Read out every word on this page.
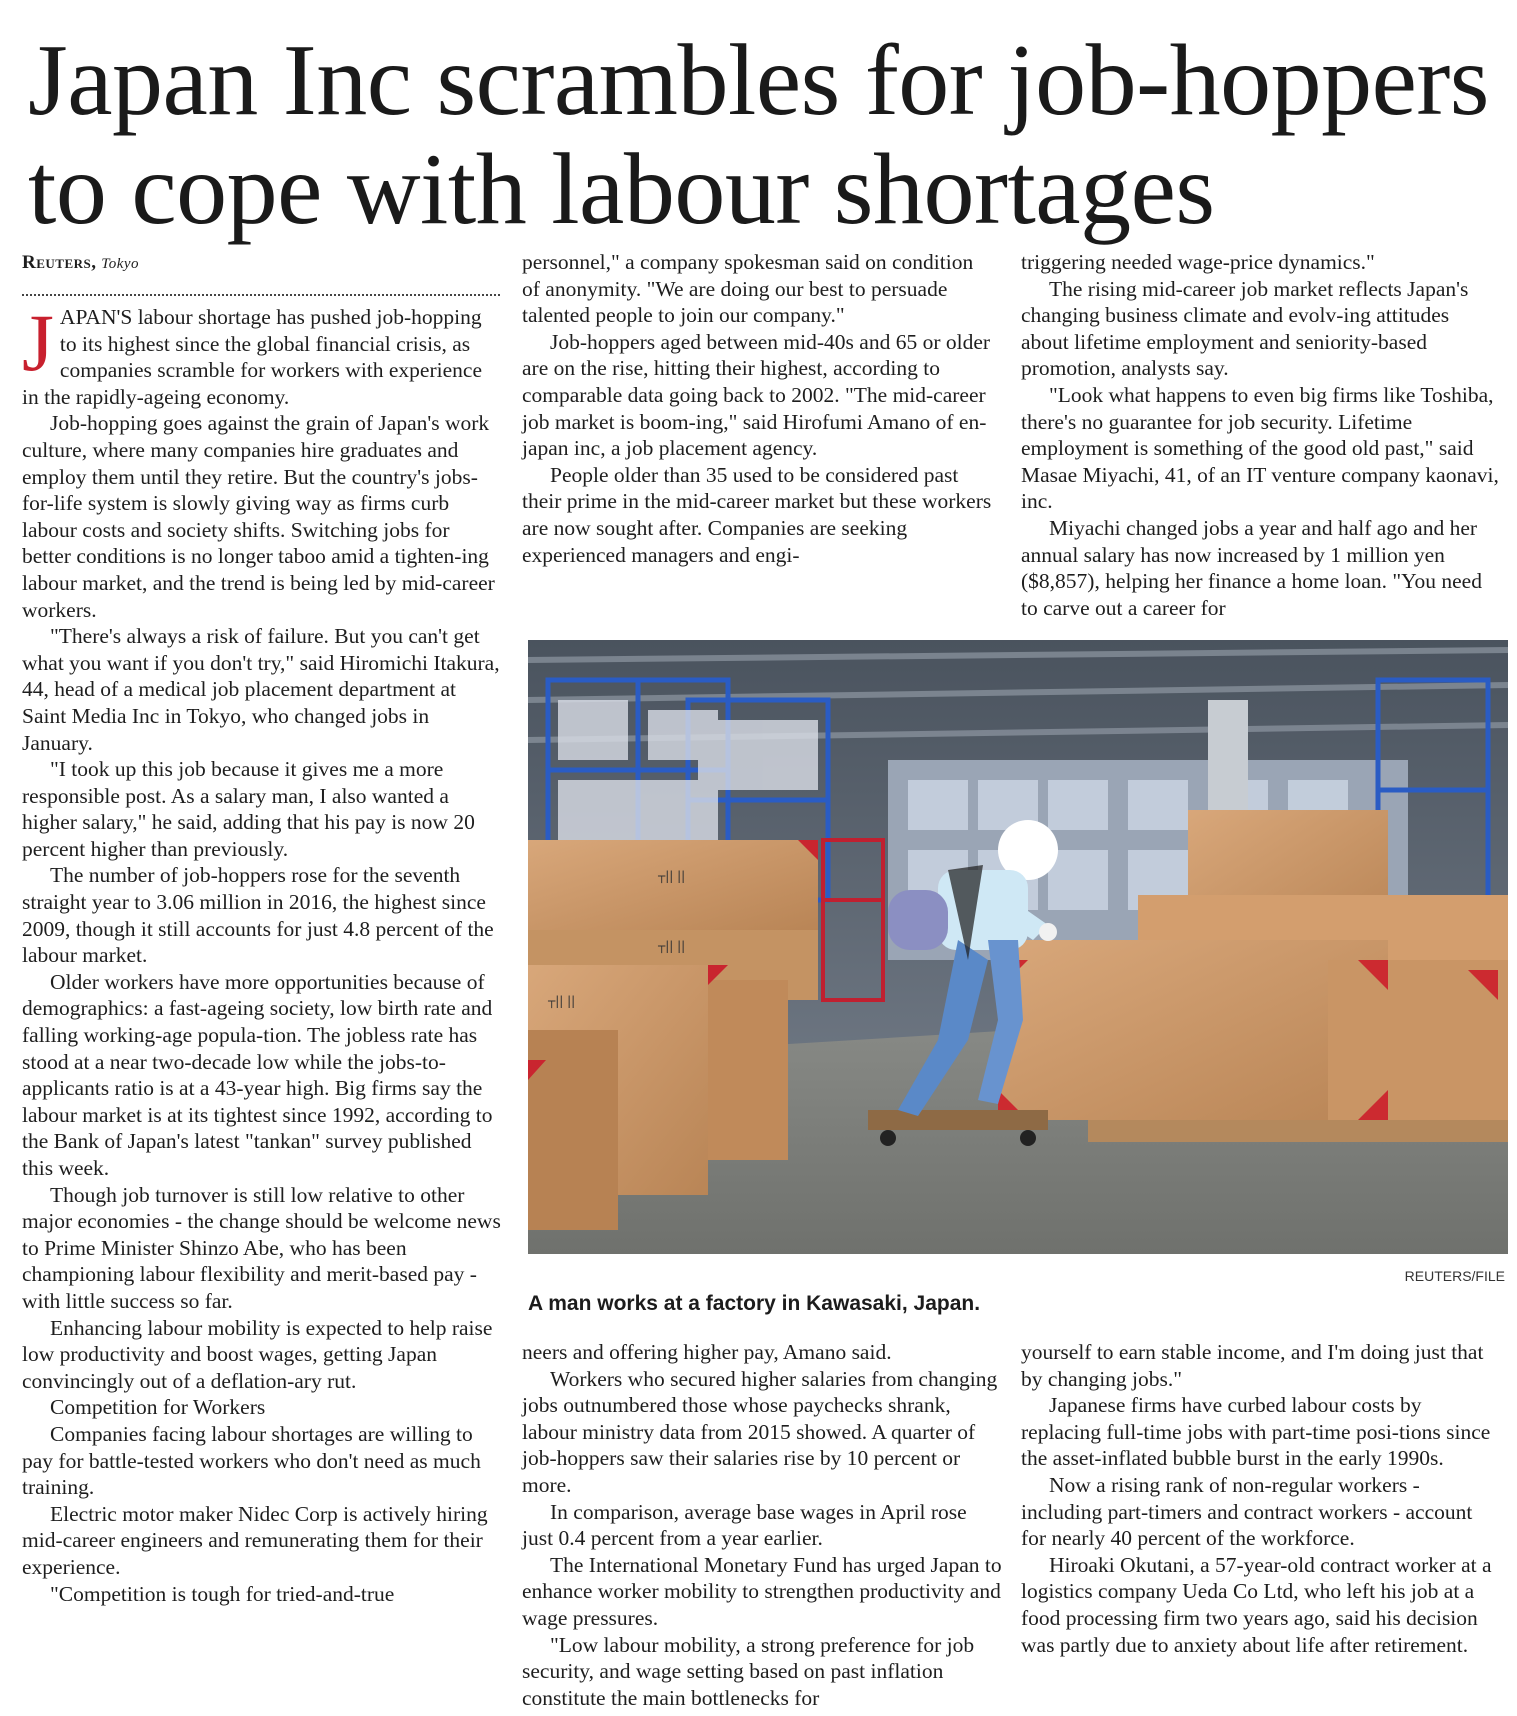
Japan Inc scrambles for job-hoppers
to cope with labour shortages
Reuters, Tokyo

JAPAN'S labour shortage has pushed job-hopping to its highest since the global financial crisis, as companies scramble for workers with experience in the rapidly-ageing economy.

Job-hopping goes against the grain of Japan's work culture, where many companies hire graduates and employ them until they retire. But the country's jobs-for-life system is slowly giving way as firms curb labour costs and society shifts. Switching jobs for better conditions is no longer taboo amid a tighten-ing labour market, and the trend is being led by mid-career workers.

"There's always a risk of failure. But you can't get what you want if you don't try," said Hiromichi Itakura, 44, head of a medical job placement department at Saint Media Inc in Tokyo, who changed jobs in January.

"I took up this job because it gives me a more responsible post. As a salary man, I also wanted a higher salary," he said, adding that his pay is now 20 percent higher than previously.

The number of job-hoppers rose for the seventh straight year to 3.06 million in 2016, the highest since 2009, though it still accounts for just 4.8 percent of the labour market.

Older workers have more opportunities because of demographics: a fast-ageing society, low birth rate and falling working-age popula-tion. The jobless rate has stood at a near two-decade low while the jobs-to-applicants ratio is at a 43-year high. Big firms say the labour market is at its tightest since 1992, according to the Bank of Japan's latest "tankan" survey published this week.

Though job turnover is still low relative to other major economies - the change should be welcome news to Prime Minister Shinzo Abe, who has been championing labour flexibility and merit-based pay - with little success so far.

Enhancing labour mobility is expected to help raise low productivity and boost wages, getting Japan convincingly out of a deflation-ary rut.

Competition for Workers

Companies facing labour shortages are willing to pay for battle-tested workers who don't need as much training.

Electric motor maker Nidec Corp is actively hiring mid-career engineers and remunerating them for their experience.

"Competition is tough for tried-and-true

personnel," a company spokesman said on condition of anonymity. "We are doing our best to persuade talented people to join our company."

Job-hoppers aged between mid-40s and 65 or older are on the rise, hitting their highest, according to comparable data going back to 2002. "The mid-career job market is boom-ing," said Hirofumi Amano of en-japan inc, a job placement agency.

People older than 35 used to be considered past their prime in the mid-career market but these workers are now sought after. Companies are seeking experienced managers and engi-

triggering needed wage-price dynamics."

The rising mid-career job market reflects Japan's changing business climate and evolv-ing attitudes about lifetime employment and seniority-based promotion, analysts say.

"Look what happens to even big firms like Toshiba, there's no guarantee for job security. Lifetime employment is something of the good old past," said Masae Miyachi, 41, of an IT venture company kaonavi, inc.

Miyachi changed jobs a year and half ago and her annual salary has now increased by 1 million yen ($8,857), helping her finance a home loan. "You need to carve out a career for

┬|| ||
┬|| ||
┬|| ||
REUTERS/FILE
A man works at a factory in Kawasaki, Japan.

neers and offering higher pay, Amano said.

Workers who secured higher salaries from changing jobs outnumbered those whose paychecks shrank, labour ministry data from 2015 showed. A quarter of job-hoppers saw their salaries rise by 10 percent or more.

In comparison, average base wages in April rose just 0.4 percent from a year earlier.

The International Monetary Fund has urged Japan to enhance worker mobility to strengthen productivity and wage pressures.

"Low labour mobility, a strong preference for job security, and wage setting based on past inflation constitute the main bottlenecks for

yourself to earn stable income, and I'm doing just that by changing jobs."

Japanese firms have curbed labour costs by replacing full-time jobs with part-time posi-tions since the asset-inflated bubble burst in the early 1990s.

Now a rising rank of non-regular workers - including part-timers and contract workers - account for nearly 40 percent of the workforce.

Hiroaki Okutani, a 57-year-old contract worker at a logistics company Ueda Co Ltd, who left his job at a food processing firm two years ago, said his decision was partly due to anxiety about life after retirement.
